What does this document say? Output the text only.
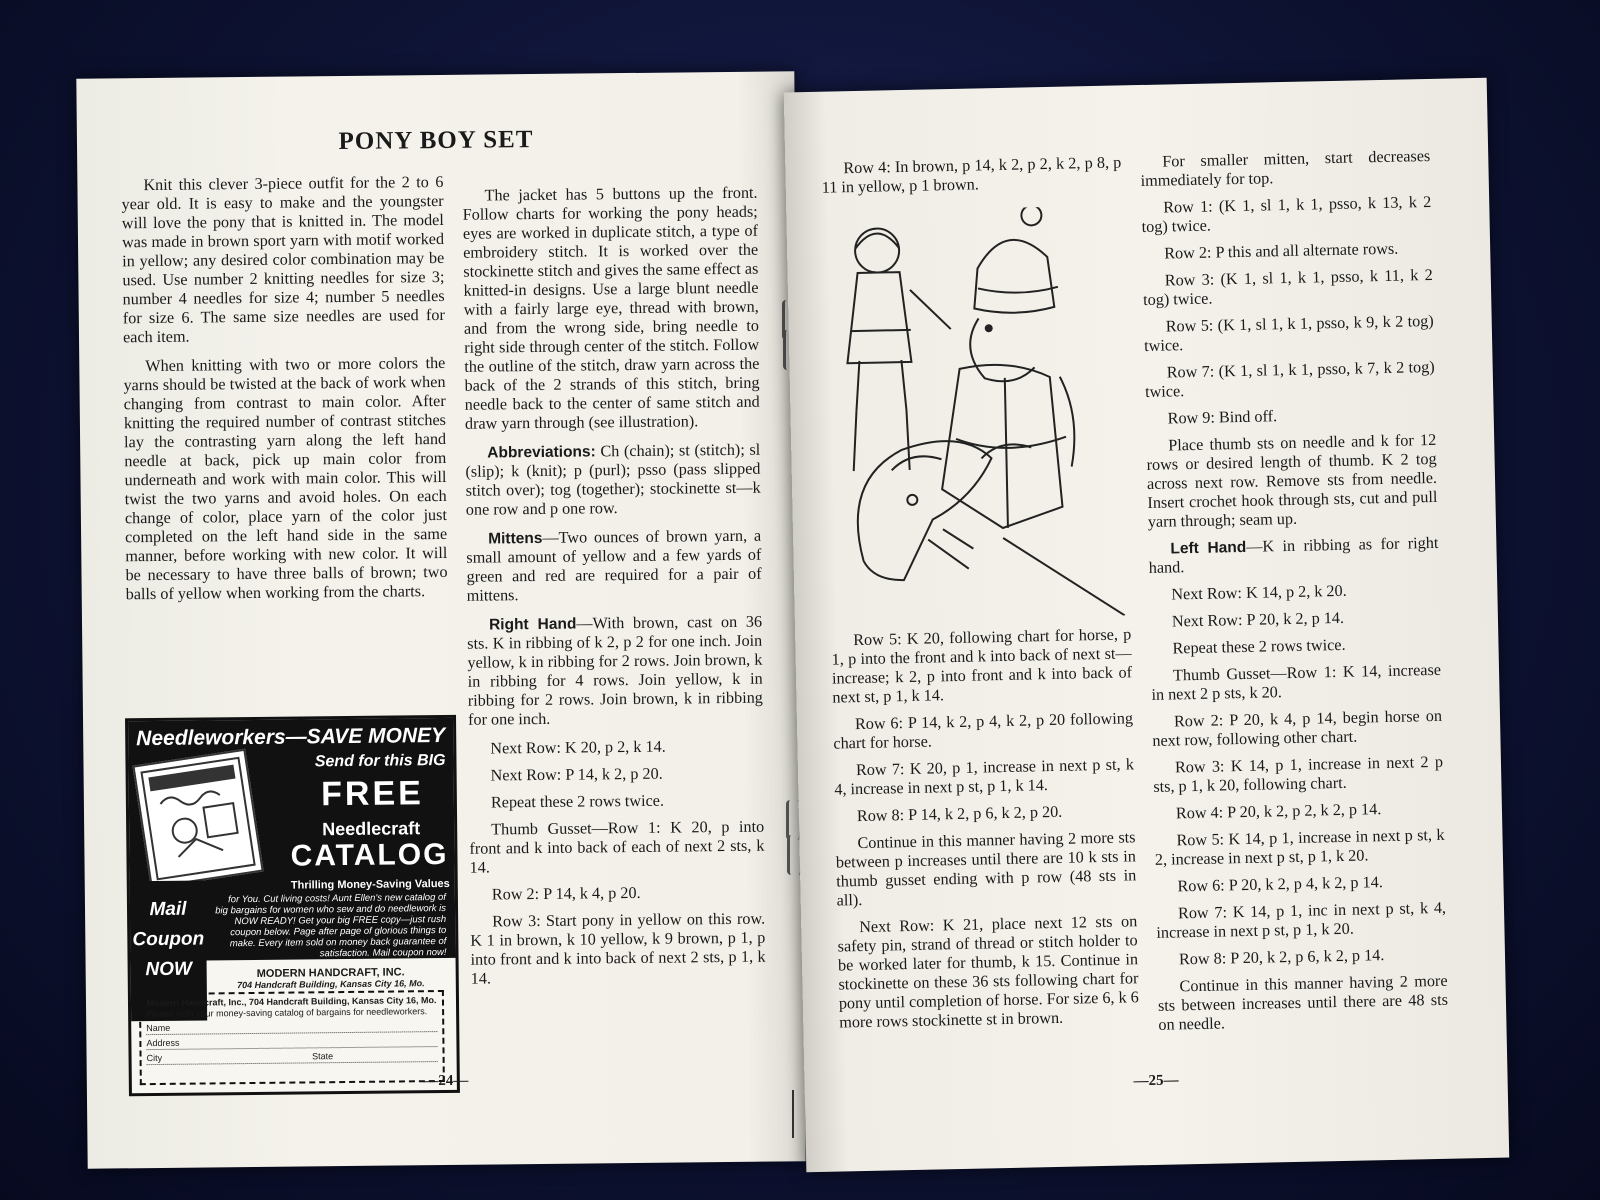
PONY BOY SET

Knit this clever 3-piece outfit for the 2 to 6 year old. It is easy to make and the youngster will love the pony that is knitted in. The model was made in brown sport yarn with motif worked in yellow; any desired color combination may be used. Use number 2 knitting needles for size 3; number 4 needles for size 4; number 5 needles for size 6. The same size needles are used for each item.

When knitting with two or more colors the yarns should be twisted at the back of work when changing from contrast to main color. After knitting the required number of contrast stitches lay the contrasting yarn along the left hand needle at back, pick up main color from underneath and work with main color. This will twist the two yarns and avoid holes. On each change of color, place yarn of the color just completed on the left hand side in the same manner, before working with new color. It will be necessary to have three balls of brown; two balls of yellow when working from the charts.

The jacket has 5 buttons up the front. Follow charts for working the pony heads; eyes are worked in duplicate stitch, a type of embroidery stitch. It is worked over the stockinette stitch and gives the same effect as knitted-in designs. Use a large blunt needle with a fairly large eye, thread with brown, and from the wrong side, bring needle to right side through center of the stitch. Follow the outline of the stitch, draw yarn across the back of the 2 strands of this stitch, bring needle back to the center of same stitch and draw yarn through (see illustration).

Abbreviations: Ch (chain); st (stitch); sl (slip); k (knit); p (purl); psso (pass slipped stitch over); tog (together); stockinette st—k one row and p one row.

Mittens—Two ounces of brown yarn, a small amount of yellow and a few yards of green and red are required for a pair of mittens.

Right Hand—With brown, cast on 36 sts. K in ribbing of k 2, p 2 for one inch. Join yellow, k in ribbing for 2 rows. Join brown, k in ribbing for 4 rows. Join yellow, k in ribbing for 2 rows. Join brown, k in ribbing for one inch.

Next Row: K 20, p 2, k 14.

Next Row: P 14, k 2, p 20.

Repeat these 2 rows twice.

Thumb Gusset—Row 1: K 20, p into front and k into back of each of next 2 sts, k 14.

Row 2: P 14, k 4, p 20.

Row 3: Start pony in yellow on this row. K 1 in brown, k 10 yellow, k 9 brown, p 1, p into front and k into back of next 2 sts, p 1, k 14.

Needleworkers—SAVE MONEY
Send for this BIG
FREE
Needlecraft
CATALOG
Thrilling Money-Saving Values
Mail Coupon NOW
for You. Cut living costs! Aunt Ellen's new catalog of big bargains for women who sew and do needlework is NOW READY! Get your big FREE copy—just rush coupon below. Page after page of glorious things to make. Every item sold on money back guarantee of satisfaction. Mail coupon now!
MODERN HANDCRAFT, INC.
704 Handcraft Building, Kansas City 16, Mo.
Modern Handcraft, Inc., 704 Handcraft Building, Kansas City 16, Mo.
Please rush your money-saving catalog of bargains for needleworkers.
Name
Address
City	State
—24—

Row 4: In brown, p 14, k 2, p 2, k 2, p 8, p 11 in yellow, p 1 brown.

Row 5: K 20, following chart for horse, p 1, p into the front and k into back of next st—increase; k 2, p into front and k into back of next st, p 1, k 14.

Row 6: P 14, k 2, p 4, k 2, p 20 following chart for horse.

Row 7: K 20, p 1, increase in next p st, k 4, increase in next p st, p 1, k 14.

Row 8: P 14, k 2, p 6, k 2, p 20.

Continue in this manner having 2 more sts between p increases until there are 10 k sts in thumb gusset ending with p row (48 sts in all).

Next Row: K 21, place next 12 sts on safety pin, strand of thread or stitch holder to be worked later for thumb, k 15. Continue in stockinette on these 36 sts following chart for pony until completion of horse. For size 6, k 6 more rows stockinette st in brown.

For smaller mitten, start decreases immediately for top.

Row 1: (K 1, sl 1, k 1, psso, k 13, k 2 tog) twice.

Row 2: P this and all alternate rows.

Row 3: (K 1, sl 1, k 1, psso, k 11, k 2 tog) twice.

Row 5: (K 1, sl 1, k 1, psso, k 9, k 2 tog) twice.

Row 7: (K 1, sl 1, k 1, psso, k 7, k 2 tog) twice.

Row 9: Bind off.

Place thumb sts on needle and k for 12 rows or desired length of thumb. K 2 tog across next row. Remove sts from needle. Insert crochet hook through sts, cut and pull yarn through; seam up.

Left Hand—K in ribbing as for right hand.

Next Row: K 14, p 2, k 20.

Next Row: P 20, k 2, p 14.

Repeat these 2 rows twice.

Thumb Gusset—Row 1: K 14, increase in next 2 p sts, k 20.

Row 2: P 20, k 4, p 14, begin horse on next row, following other chart.

Row 3: K 14, p 1, increase in next 2 p sts, p 1, k 20, following chart.

Row 4: P 20, k 2, p 2, k 2, p 14.

Row 5: K 14, p 1, increase in next p st, k 2, increase in next p st, p 1, k 20.

Row 6: P 20, k 2, p 4, k 2, p 14.

Row 7: K 14, p 1, inc in next p st, k 4, increase in next p st, p 1, k 20.

Row 8: P 20, k 2, p 6, k 2, p 14.

Continue in this manner having 2 more sts between increases until there are 48 sts on needle.

—25—
